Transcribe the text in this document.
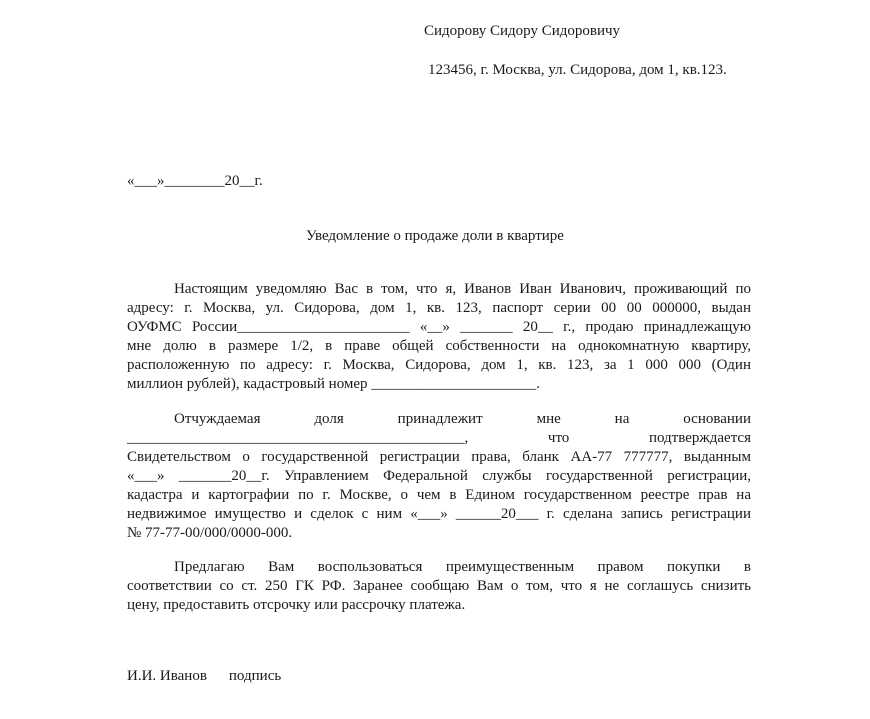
Сидорову Сидору Сидоровичу
123456, г. Москва, ул. Сидорова, дом 1, кв.123.
«___»________20__г.
Уведомление о продаже доли в квартире
Настоящим уведомляю Вас в том, что я, Иванов Иван Иванович, проживающий по
адресу: г. Москва, ул. Сидорова, дом 1, кв. 123, паспорт серии 00 00 000000, выдан
ОУФМС России_______________________ «__» _______ 20__ г., продаю принадлежащую
мне долю в размере 1/2, в праве общей собственности на однокомнатную квартиру,
расположенную по адресу: г. Москва, Сидорова, дом 1, кв. 123, за 1 000 000 (Один
миллион рублей), кадастровый номер ______________________.
Отчуждаемая доля принадлежит мне на основании
_____________________________________________, что подтверждается
Свидетельством о государственной регистрации права, бланк АА-77 777777, выданным
«___» _______20__г. Управлением Федеральной службы государственной регистрации,
кадастра и картографии по г. Москве, о чем в Едином государственном реестре прав на
недвижимое имущество и сделок с ним «___» ______20___ г. сделана запись регистрации
№ 77-77-00/000/0000-000.
Предлагаю Вам воспользоваться преимущественным правом покупки в
соответствии со ст. 250 ГК РФ. Заранее сообщаю Вам о том, что я не соглашусь снизить
цену, предоставить отсрочку или рассрочку платежа.
И.И. Иванов подпись
